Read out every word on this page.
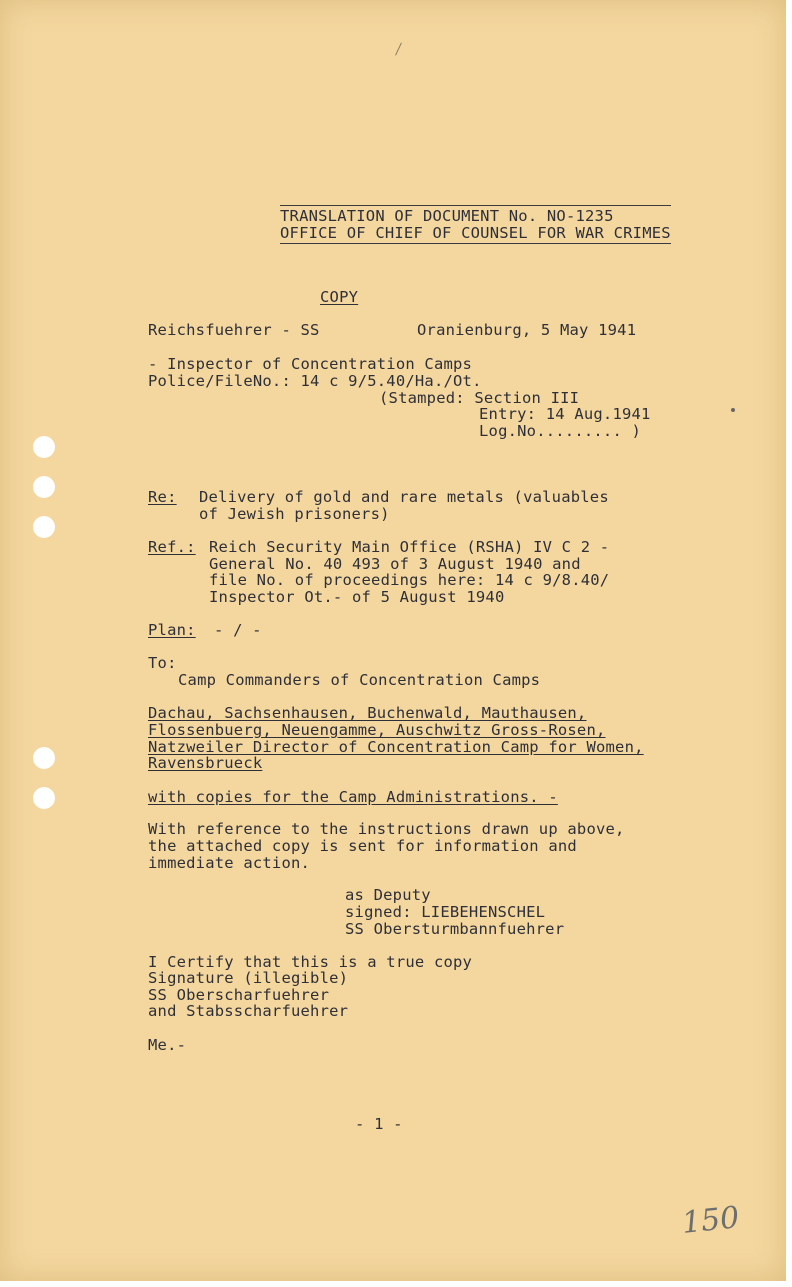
TRANSLATION OF DOCUMENT No. NO-1235
OFFICE OF CHIEF OF COUNSEL FOR WAR CRIMES
COPY
Reichsfuehrer - SS	Oranienburg, 5 May 1941
- Inspector of Concentration Camps
Police/FileNo.: 14 c 9/5.40/Ha./Ot.
(Stamped: Section III
Entry: 14 Aug.1941
Log.No......... )
Re: Delivery of gold and rare metals (valuables
of Jewish prisoners)
Ref.: Reich Security Main Office (RSHA) IV C 2 -
General No. 40 493 of 3 August 1940 and
file No. of proceedings here: 14 c 9/8.40/
Inspector Ot.- of 5 August 1940
Plan: - / -
To:
Camp Commanders of Concentration Camps
Dachau, Sachsenhausen, Buchenwald, Mauthausen,
Flossenbuerg, Neuengamme, Auschwitz Gross-Rosen,
Natzweiler Director of Concentration Camp for Women,
Ravensbrueck
with copies for the Camp Administrations. -
With reference to the instructions drawn up above,
the attached copy is sent for information and
immediate action.
as Deputy
signed: LIEBEHENSCHEL
SS Obersturmbannfuehrer
I Certify that this is a true copy
Signature (illegible)
SS Oberscharfuehrer
and Stabsscharfuehrer
Me.-
- 1 -
150
